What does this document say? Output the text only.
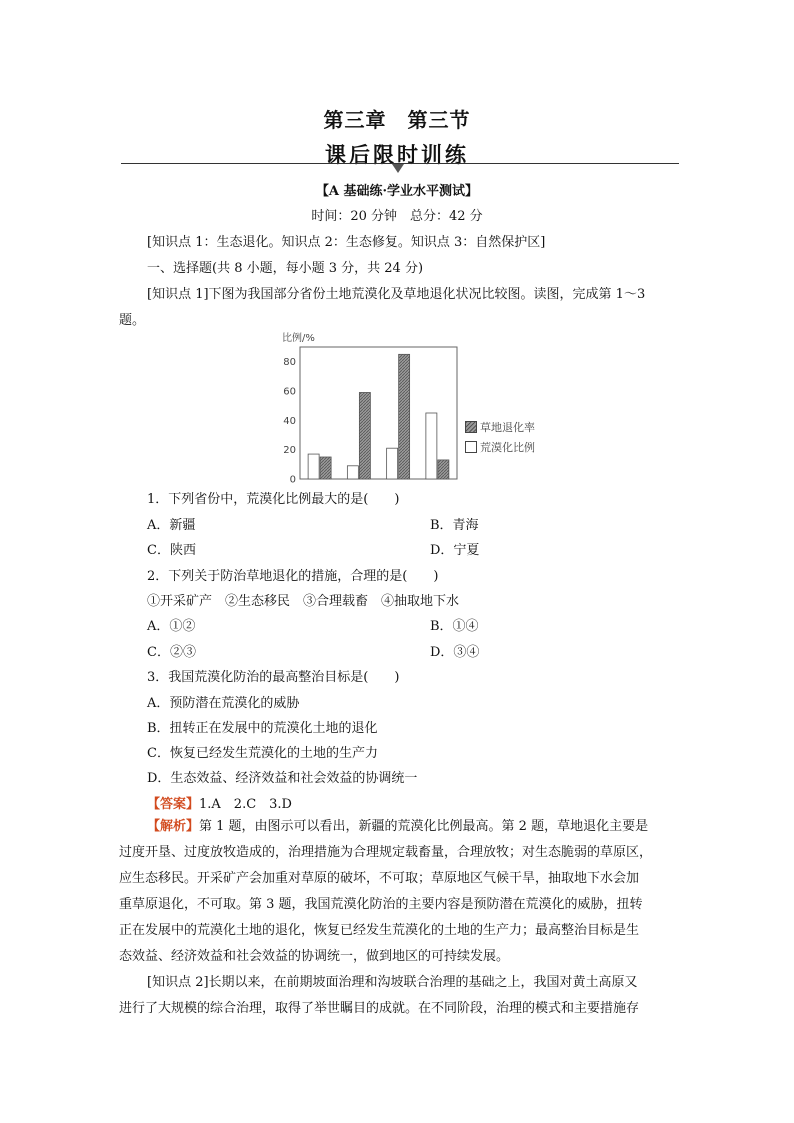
第三章　第三节
课后限时训练
【A 基础练·学业水平测试】
时间：20 分钟　总分：42 分
[知识点 1：生态退化。知识点 2：生态修复。知识点 3：自然保护区]
一、选择题(共 8 小题，每小题 3 分，共 24 分)
[知识点 1]下图为我国部分省份土地荒漠化及草地退化状况比较图。读图，完成第 1～3
题。
比例/%
0
20
40
60
80
草地退化率
荒漠化比例
1．下列省份中，荒漠化比例最大的是(　　)
A．新疆	B．青海
C．陕西	D．宁夏
2．下列关于防治草地退化的措施，合理的是(　　)
①开采矿产　②生态移民　③合理载畜　④抽取地下水
A．①②	B．①④
C．②③	D．③④
3．我国荒漠化防治的最高整治目标是(　　)
A．预防潜在荒漠化的威胁
B．扭转正在发展中的荒漠化土地的退化
C．恢复已经发生荒漠化的土地的生产力
D．生态效益、经济效益和社会效益的协调统一
【答案】1.A　2.C　3.D
【解析】第 1 题，由图示可以看出，新疆的荒漠化比例最高。第 2 题，草地退化主要是
过度开垦、过度放牧造成的，治理措施为合理规定载畜量，合理放牧；对生态脆弱的草原区，
应生态移民。开采矿产会加重对草原的破坏，不可取；草原地区气候干旱，抽取地下水会加
重草原退化，不可取。第 3 题，我国荒漠化防治的主要内容是预防潜在荒漠化的威胁，扭转
正在发展中的荒漠化土地的退化，恢复已经发生荒漠化的土地的生产力；最高整治目标是生
态效益、经济效益和社会效益的协调统一，做到地区的可持续发展。
[知识点 2]长期以来，在前期坡面治理和沟坡联合治理的基础之上，我国对黄土高原又
进行了大规模的综合治理，取得了举世瞩目的成就。在不同阶段，治理的模式和主要措施存
